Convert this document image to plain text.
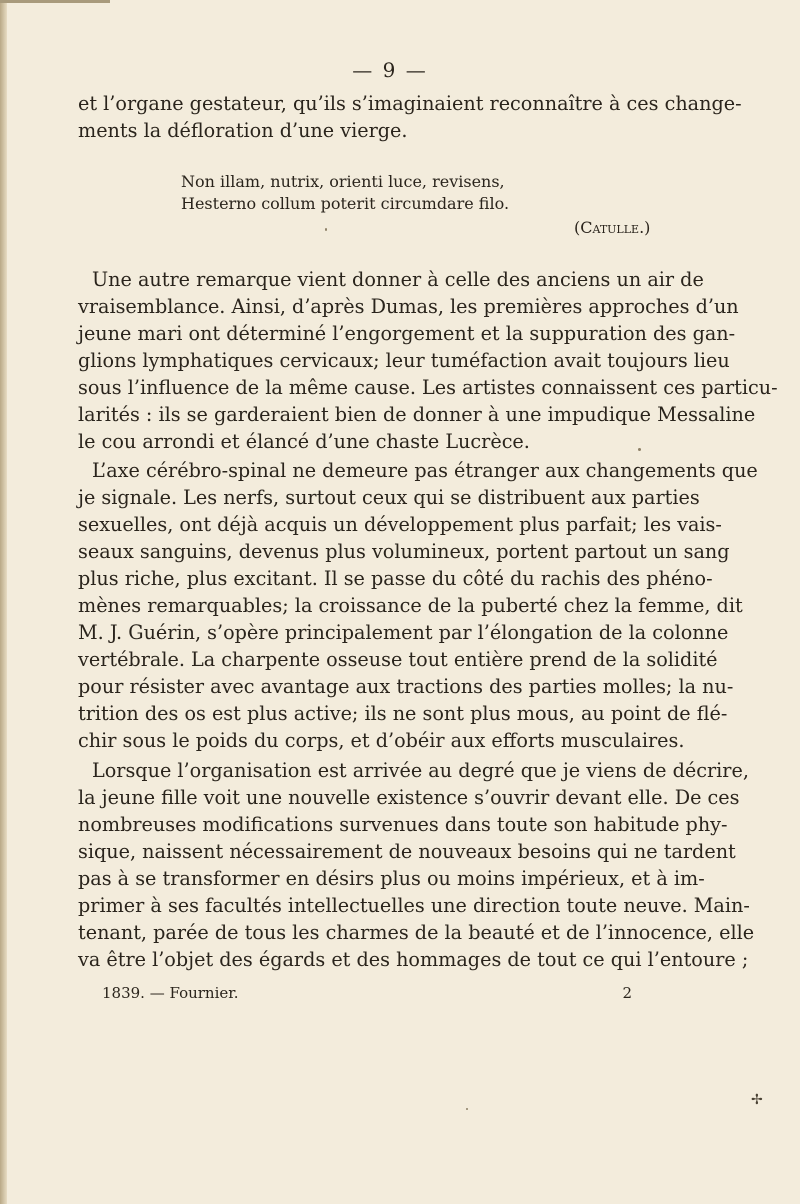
— 9 —
et l’organe gestateur, qu’ils s’imaginaient reconnaître à ces change-
ments la défloration d’une vierge.
Non illam, nutrix, orienti luce, revisens,
Hesterno collum poterit circumdare filo.
(Catulle.)
Une autre remarque vient donner à celle des anciens un air de
vraisemblance. Ainsi, d’après Dumas, les premières approches d’un
jeune mari ont déterminé l’engorgement et la suppuration des gan-
glions lymphatiques cervicaux; leur tuméfaction avait toujours lieu
sous l’influence de la même cause. Les artistes connaissent ces particu-
larités : ils se garderaient bien de donner à une impudique Messaline
le cou arrondi et élancé d’une chaste Lucrèce.
L’axe cérébro-spinal ne demeure pas étranger aux changements que
je signale. Les nerfs, surtout ceux qui se distribuent aux parties
sexuelles, ont déjà acquis un développement plus parfait; les vais-
seaux sanguins, devenus plus volumineux, portent partout un sang
plus riche, plus excitant. Il se passe du côté du rachis des phéno-
mènes remarquables; la croissance de la puberté chez la femme, dit
M. J. Guérin, s’opère principalement par l’élongation de la colonne
vertébrale. La charpente osseuse tout entière prend de la solidité
pour résister avec avantage aux tractions des parties molles; la nu-
trition des os est plus active; ils ne sont plus mous, au point de flé-
chir sous le poids du corps, et d’obéir aux efforts musculaires.
Lorsque l’organisation est arrivée au degré que je viens de décrire,
la jeune fille voit une nouvelle existence s’ouvrir devant elle. De ces
nombreuses modifications survenues dans toute son habitude phy-
sique, naissent nécessairement de nouveaux besoins qui ne tardent
pas à se transformer en désirs plus ou moins impérieux, et à im-
primer à ses facultés intellectuelles une direction toute neuve. Main-
tenant, parée de tous les charmes de la beauté et de l’innocence, elle
va être l’objet des égards et des hommages de tout ce qui l’entoure ;
1839. — Fournier.	2
✢
